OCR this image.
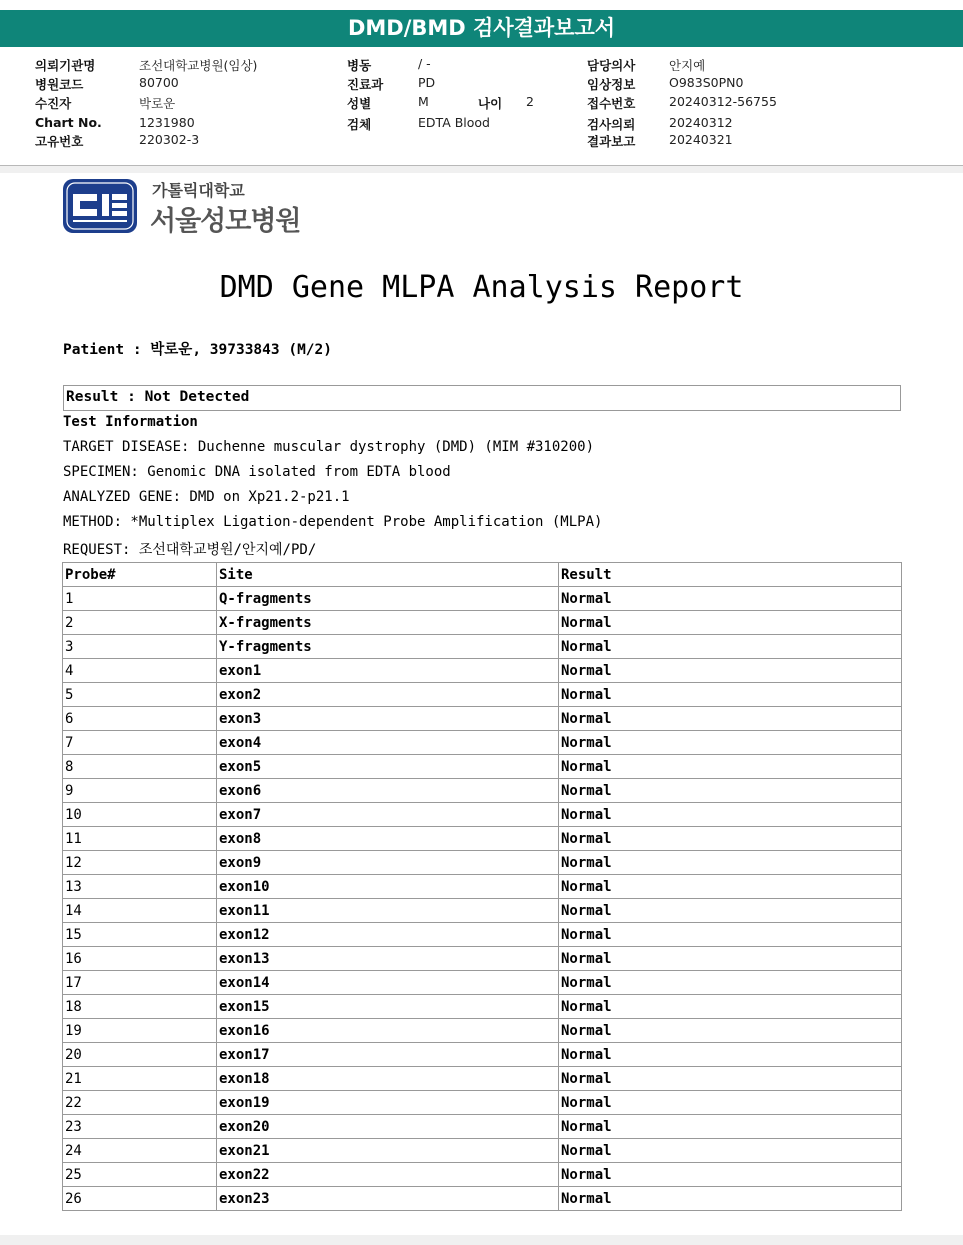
DMD/BMD 검사결과보고서
의뢰기관명	조선대학교병원(임상)
병원코드	80700
수진자	박로운
Chart No.	1231980
고유번호	220302-3
병동	/ -
진료과	PD
성별	M
검체	EDTA Blood
담당의사	안지예
임상정보	O983S0PN0
접수번호	20240312-56755
검사의뢰	20240312
결과보고	20240321
나이 2
가톨릭대학교
서울성모병원
DMD Gene MLPA Analysis Report
Patient : 박로운, 39733843 (M/2)
Result : Not Detected
Test Information
TARGET DISEASE: Duchenne muscular dystrophy (DMD) (MIM #310200)
SPECIMEN: Genomic DNA isolated from EDTA blood
ANALYZED GENE: DMD on Xp21.2-p21.1
METHOD: *Multiplex Ligation-dependent Probe Amplification (MLPA)
REQUEST: 조선대학교병원/안지예/PD/
Probe#	Site	Result
1	Q-fragments	Normal
2	X-fragments	Normal
3	Y-fragments	Normal
4	exon1	Normal
5	exon2	Normal
6	exon3	Normal
7	exon4	Normal
8	exon5	Normal
9	exon6	Normal
10	exon7	Normal
11	exon8	Normal
12	exon9	Normal
13	exon10	Normal
14	exon11	Normal
15	exon12	Normal
16	exon13	Normal
17	exon14	Normal
18	exon15	Normal
19	exon16	Normal
20	exon17	Normal
21	exon18	Normal
22	exon19	Normal
23	exon20	Normal
24	exon21	Normal
25	exon22	Normal
26	exon23	Normal
